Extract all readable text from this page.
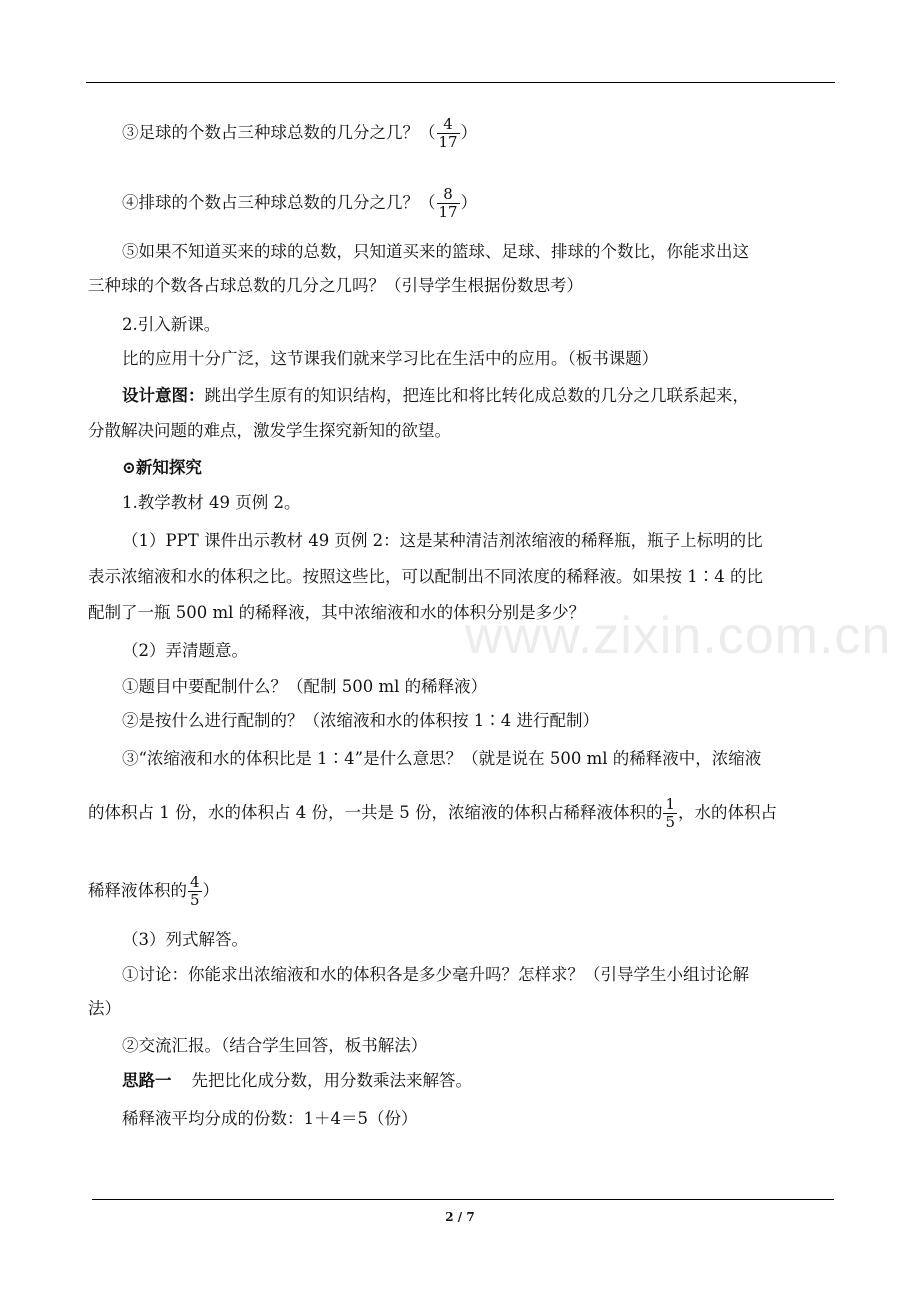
③足球的个数占三种球总数的几分之几？（ $\frac{4}{17}$ ）
④排球的个数占三种球总数的几分之几？（ $\frac{8}{17}$ ）
⑤如果不知道买来的球的总数，只知道买来的篮球、足球、排球的个数比，你能求出这
三种球的个数各占球总数的几分之几吗？（引导学生根据份数思考）
2.引入新课。
比的应用十分广泛，这节课我们就来学习比在生活中的应用。（板书课题）
设计意图：跳出学生原有的知识结构，把连比和将比转化成总数的几分之几联系起来，
分散解决问题的难点，激发学生探究新知的欲望。
⊙新知探究
1.教学教材 49 页例 2。
（1）PPT 课件出示教材 49 页例 2：这是某种清洁剂浓缩液的稀释瓶，瓶子上标明的比
表示浓缩液和水的体积之比。按照这些比，可以配制出不同浓度的稀释液。如果按 1∶4 的比
配制了一瓶 500 ml 的稀释液，其中浓缩液和水的体积分别是多少？
（2）弄清题意。
①题目中要配制什么？（配制 500 ml 的稀释液）
②是按什么进行配制的？（浓缩液和水的体积按 1∶4 进行配制）
③“浓缩液和水的体积比是 1∶4”是什么意思？（就是说在 500 ml 的稀释液中，浓缩液
的体积占 1 份，水的体积占 4 份，一共是 5 份，浓缩液的体积占稀释液体积的 $\frac{1}{5}$ ，水的体积占
稀释液体积的 $\frac{4}{5}$ ）
（3）列式解答。
①讨论：你能求出浓缩液和水的体积各是多少毫升吗？怎样求？（引导学生小组讨论解
法）
②交流汇报。（结合学生回答，板书解法）
思路一 先把比化成分数，用分数乘法来解答。
稀释液平均分成的份数：1＋4＝5（份）
2 / 7
www.zixin.com.cn
